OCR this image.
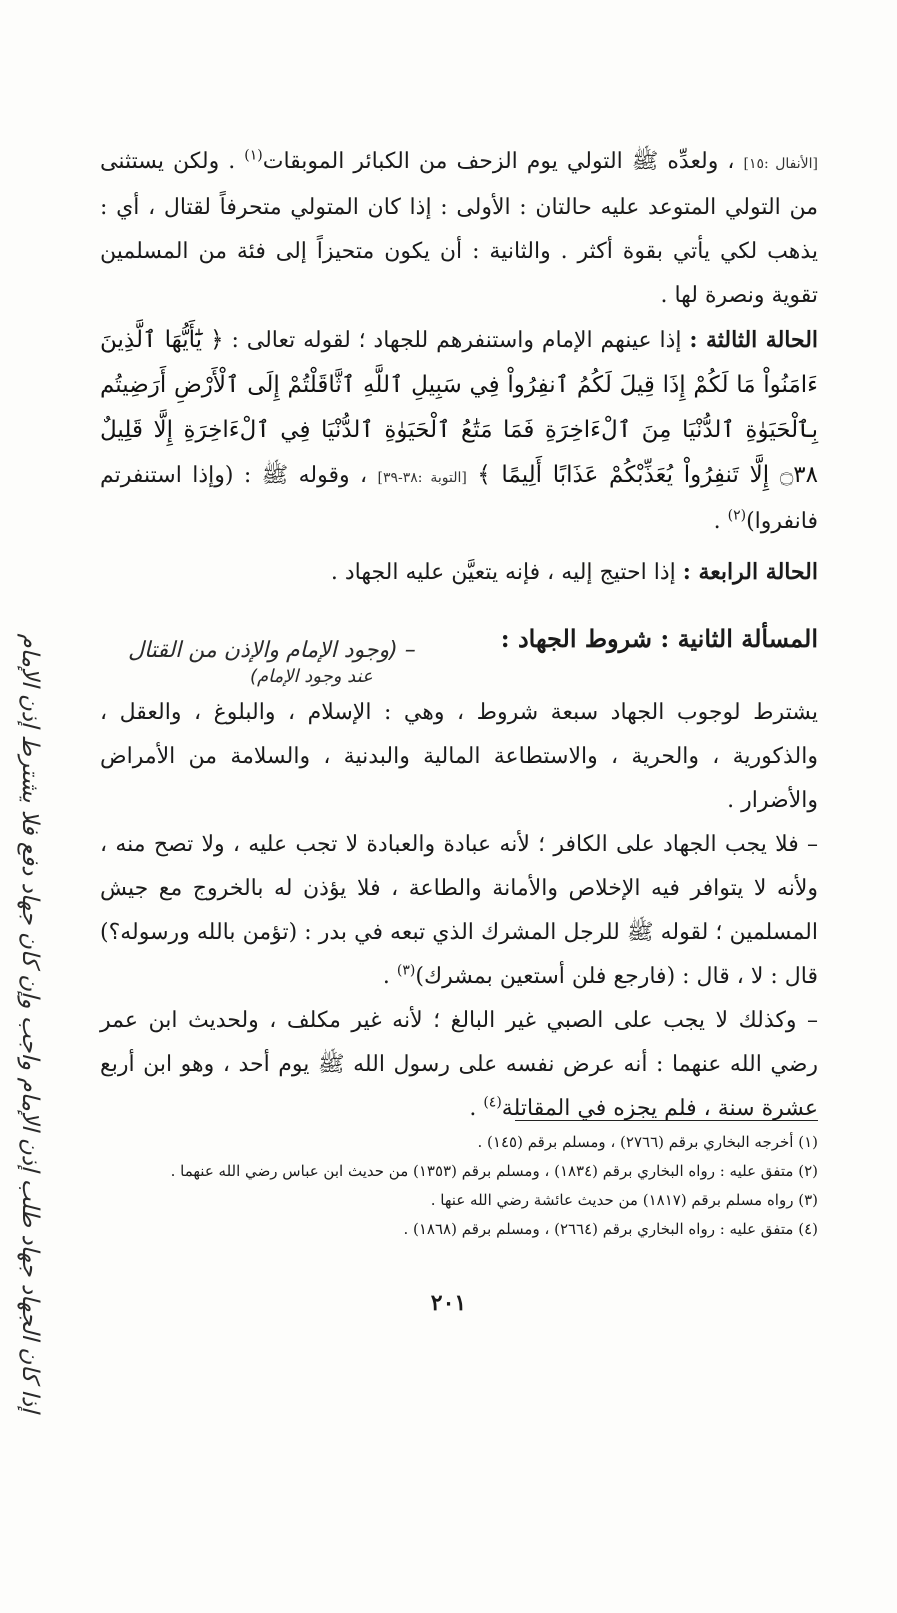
[الأنفال :١٥] ، ولعدِّه ﷺ التولي يوم الزحف من الكبائر الموبقات$^{(١)}$ . ولكن يستثنى من التولي المتوعد عليه حالتان : الأولى : إذا كان المتولي متحرفاً لقتال ، أي : يذهب لكي يأتي بقوة أكثر . والثانية : أن يكون متحيزاً إلى فئة من المسلمين تقوية ونصرة لها .

الحالة الثالثة : إذا عينهم الإمام واستنفرهم للجهاد ؛ لقوله تعالى : ﴿ يَٰٓأَيُّهَا ٱلَّذِينَ ءَامَنُواْ مَا لَكُمْ إِذَا قِيلَ لَكُمُ ٱنفِرُواْ فِي سَبِيلِ ٱللَّهِ ٱثَّاقَلْتُمْ إِلَى ٱلْأَرْضِ أَرَضِيتُم بِٱلْحَيَوٰةِ ٱلدُّنْيَا مِنَ ٱلْءَاخِرَةِ فَمَا مَتَٰعُ ٱلْحَيَوٰةِ ٱلدُّنْيَا فِي ٱلْءَاخِرَةِ إِلَّا قَلِيلٌ ۝٣٨ إِلَّا تَنفِرُواْ يُعَذِّبْكُمْ عَذَابًا أَلِيمًا ﴾ [التوبة :٣٨-٣٩] ، وقوله ﷺ : (وإذا استنفرتم فانفروا)$^{(٢)}$ .

الحالة الرابعة : إذا احتيج إليه ، فإنه يتعيَّن عليه الجهاد .

المسألة الثانية : شروط الجهاد :

يشترط لوجوب الجهاد سبعة شروط ، وهي : الإسلام ، والبلوغ ، والعقل ، والذكورية ، والحرية ، والاستطاعة المالية والبدنية ، والسلامة من الأمراض والأضرار .

– فلا يجب الجهاد على الكافر ؛ لأنه عبادة والعبادة لا تجب عليه ، ولا تصح منه ، ولأنه لا يتوافر فيه الإخلاص والأمانة والطاعة ، فلا يؤذن له بالخروج مع جيش المسلمين ؛ لقوله ﷺ للرجل المشرك الذي تبعه في بدر : (تؤمن بالله ورسوله؟) قال : لا ، قال : (فارجع فلن أستعين بمشرك)$^{(٣)}$ .

– وكذلك لا يجب على الصبي غير البالغ ؛ لأنه غير مكلف ، ولحديث ابن عمر رضي الله عنهما : أنه عرض نفسه على رسول الله ﷺ يوم أحد ، وهو ابن أربع عشرة سنة ، فلم يجزه في المقاتلة$^{(٤)}$ .

– (وجود الإمام والإذن من القتال
عند وجود الإمام)
إذا كان الجهاد جهاد طلب إذن الإمام واجب وإن كان جهاد دفع فلا يشترط إذن الإمام	(١) أخرجه البخاري برقم (٢٧٦٦) ، ومسلم برقم (١٤٥) .
(٢) متفق عليه : رواه البخاري برقم (١٨٣٤) ، ومسلم برقم (١٣٥٣) من حديث ابن عباس رضي الله عنهما .
(٣) رواه مسلم برقم (١٨١٧) من حديث عائشة رضي الله عنها .
(٤) متفق عليه : رواه البخاري برقم (٢٦٦٤) ، ومسلم برقم (١٨٦٨) .
٢٠١
